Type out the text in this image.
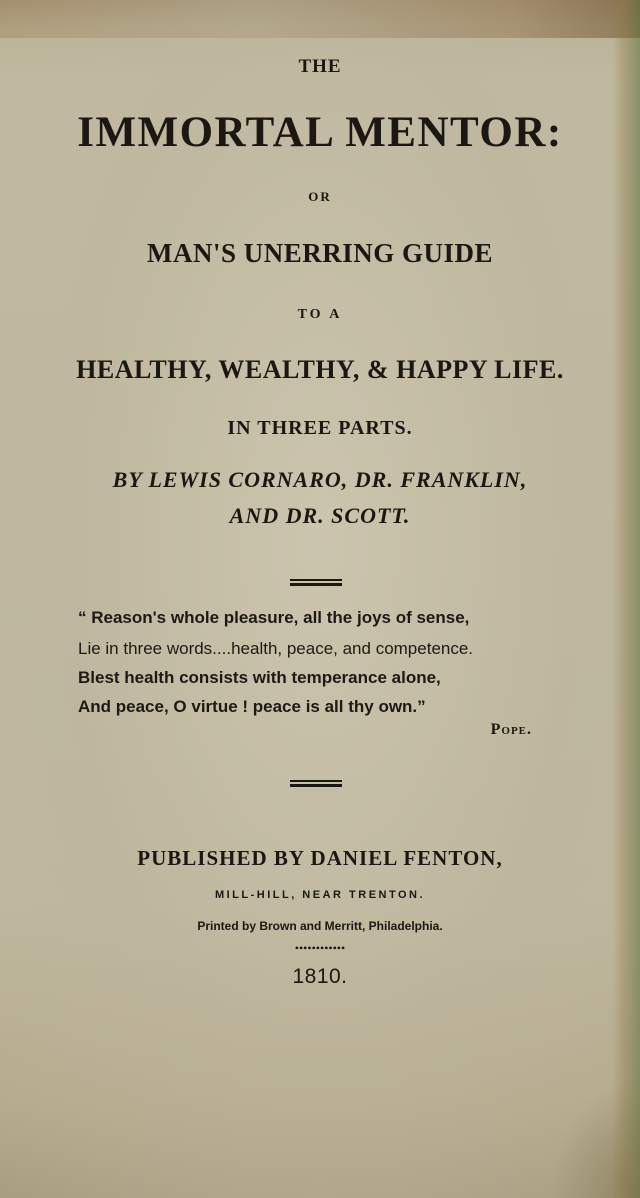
THE
IMMORTAL MENTOR:
OR
MAN'S UNERRING GUIDE
TO A
HEALTHY, WEALTHY, & HAPPY LIFE.
IN THREE PARTS.
BY LEWIS CORNARO, DR. FRANKLIN,
AND DR. SCOTT.
“ Reason's whole pleasure, all the joys of sense,
Lie in three words....health, peace, and competence.
Blest health consists with temperance alone,
And peace, O virtue ! peace is all thy own.”
Pope.
PUBLISHED BY DANIEL FENTON,
MILL-HILL, NEAR TRENTON.
Printed by Brown and Merritt, Philadelphia.
••••••••••••
1810.
